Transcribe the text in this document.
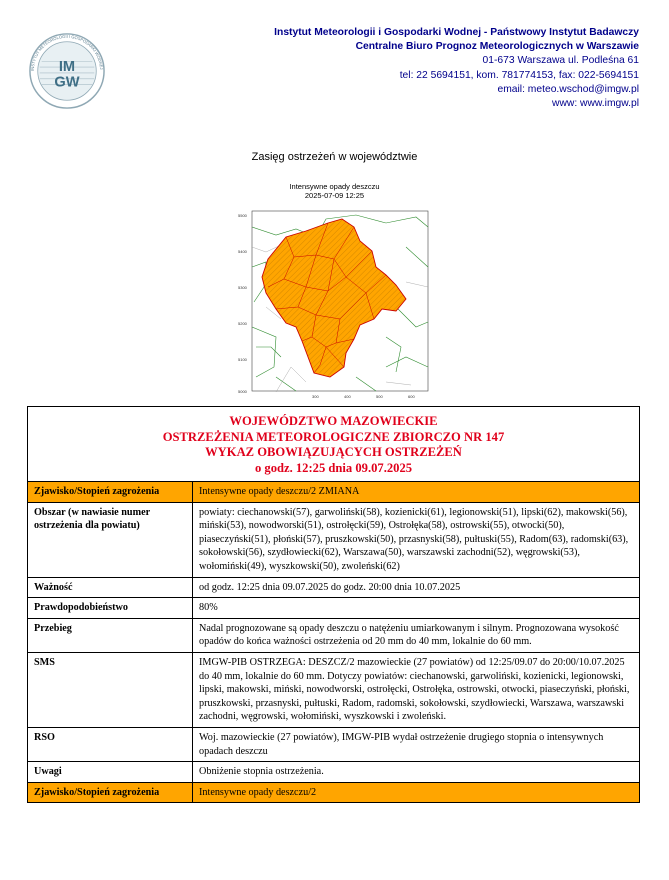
IM
GW
INSTYTUT METEOROLOGII I GOSPODARKI WODNEJ
Instytut Meteorologii i Gospodarki Wodnej - Państwowy Instytut Badawczy
Centralne Biuro Prognoz Meteorologicznych w Warszawie
01-673 Warszawa ul. Podleśna 61
tel: 22 5694151, kom. 781774153, fax: 022-5694151
email: meteo.wschod@imgw.pl
www: www.imgw.pl
Zasięg ostrzeżeń w województwie
Intensywne opady deszczu
2025-07-09 12:25
5500
5400
5300
5200
5100
5000
300	400	500	600
WOJEWÓDZTWO MAZOWIECKIE
OSTRZEŻENIA METEOROLOGICZNE ZBIORCZO NR 147
WYKAZ OBOWIĄZUJĄCYCH OSTRZEŻEŃ
o godz. 12:25 dnia 09.07.2025	

Zjawisko/Stopień zagrożenia	Intensywne opady deszczu/2 ZMIANA
Obszar (w nawiasie numer ostrzeżenia dla powiatu)	powiaty: ciechanowski(57), garwoliński(58), kozienicki(61), legionowski(51), lipski(62), makowski(56), miński(53), nowodworski(51), ostrołęcki(59), Ostrołęka(58), ostrowski(55), otwocki(50), piaseczyński(51), płoński(57), pruszkowski(50), przasnyski(58), pułtuski(55), Radom(63), radomski(63), sokołowski(56), szydłowiecki(62), Warszawa(50), warszawski zachodni(52), węgrowski(53), wołomiński(49), wyszkowski(50), zwoleński(62)
Ważność	od godz. 12:25 dnia 09.07.2025 do godz. 20:00 dnia 10.07.2025
Prawdopodobieństwo	80%
Przebieg	Nadal prognozowane są opady deszczu o natężeniu umiarkowanym i silnym. Prognozowana wysokość opadów do końca ważności ostrzeżenia od 20 mm do 40 mm, lokalnie do 60 mm.
SMS	IMGW-PIB OSTRZEGA: DESZCZ/2 mazowieckie (27 powiatów) od 12:25/09.07 do 20:00/10.07.2025 do 40 mm, lokalnie do 60 mm. Dotyczy powiatów: ciechanowski, garwoliński, kozienicki, legionowski, lipski, makowski, miński, nowodworski, ostrołęcki, Ostrołęka, ostrowski, otwocki, piaseczyński, płoński, pruszkowski, przasnyski, pułtuski, Radom, radomski, sokołowski, szydłowiecki, Warszawa, warszawski zachodni, węgrowski, wołomiński, wyszkowski i zwoleński.
RSO	Woj. mazowieckie (27 powiatów), IMGW-PIB wydał ostrzeżenie drugiego stopnia o intensywnych opadach deszczu
Uwagi	Obniżenie stopnia ostrzeżenia.
Zjawisko/Stopień zagrożenia	Intensywne opady deszczu/2
